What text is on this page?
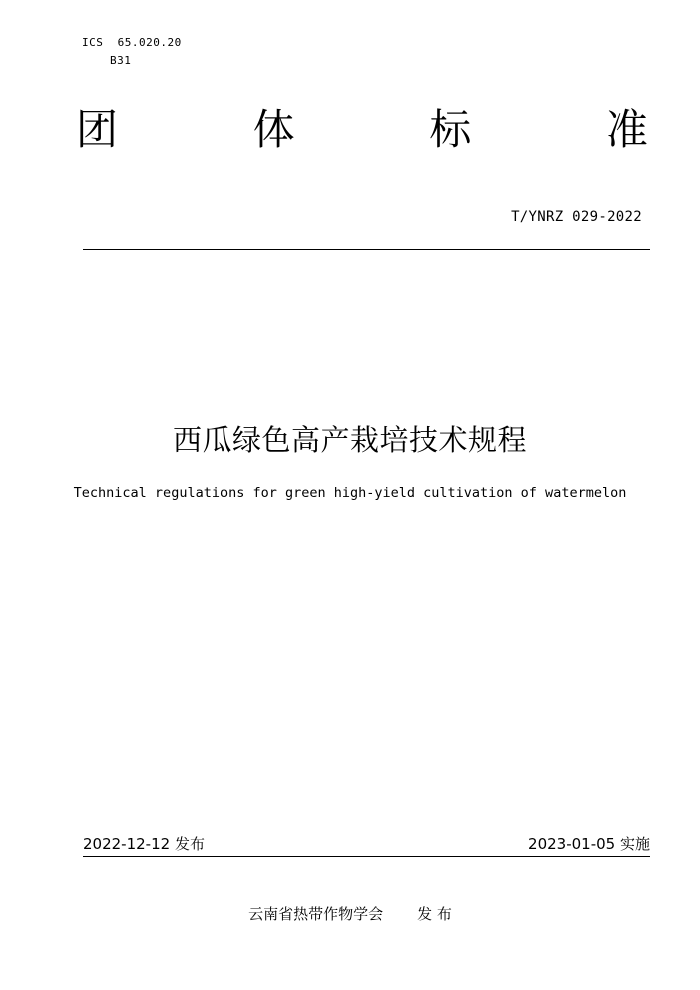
ICS  65.020.20
B31
团	体	标	准
T/YNRZ 029-2022
西瓜绿色高产栽培技术规程
Technical regulations for green high-yield cultivation of watermelon
2022-12-12 发布	2023-01-05 实施
云南省热带作物学会 发 布
